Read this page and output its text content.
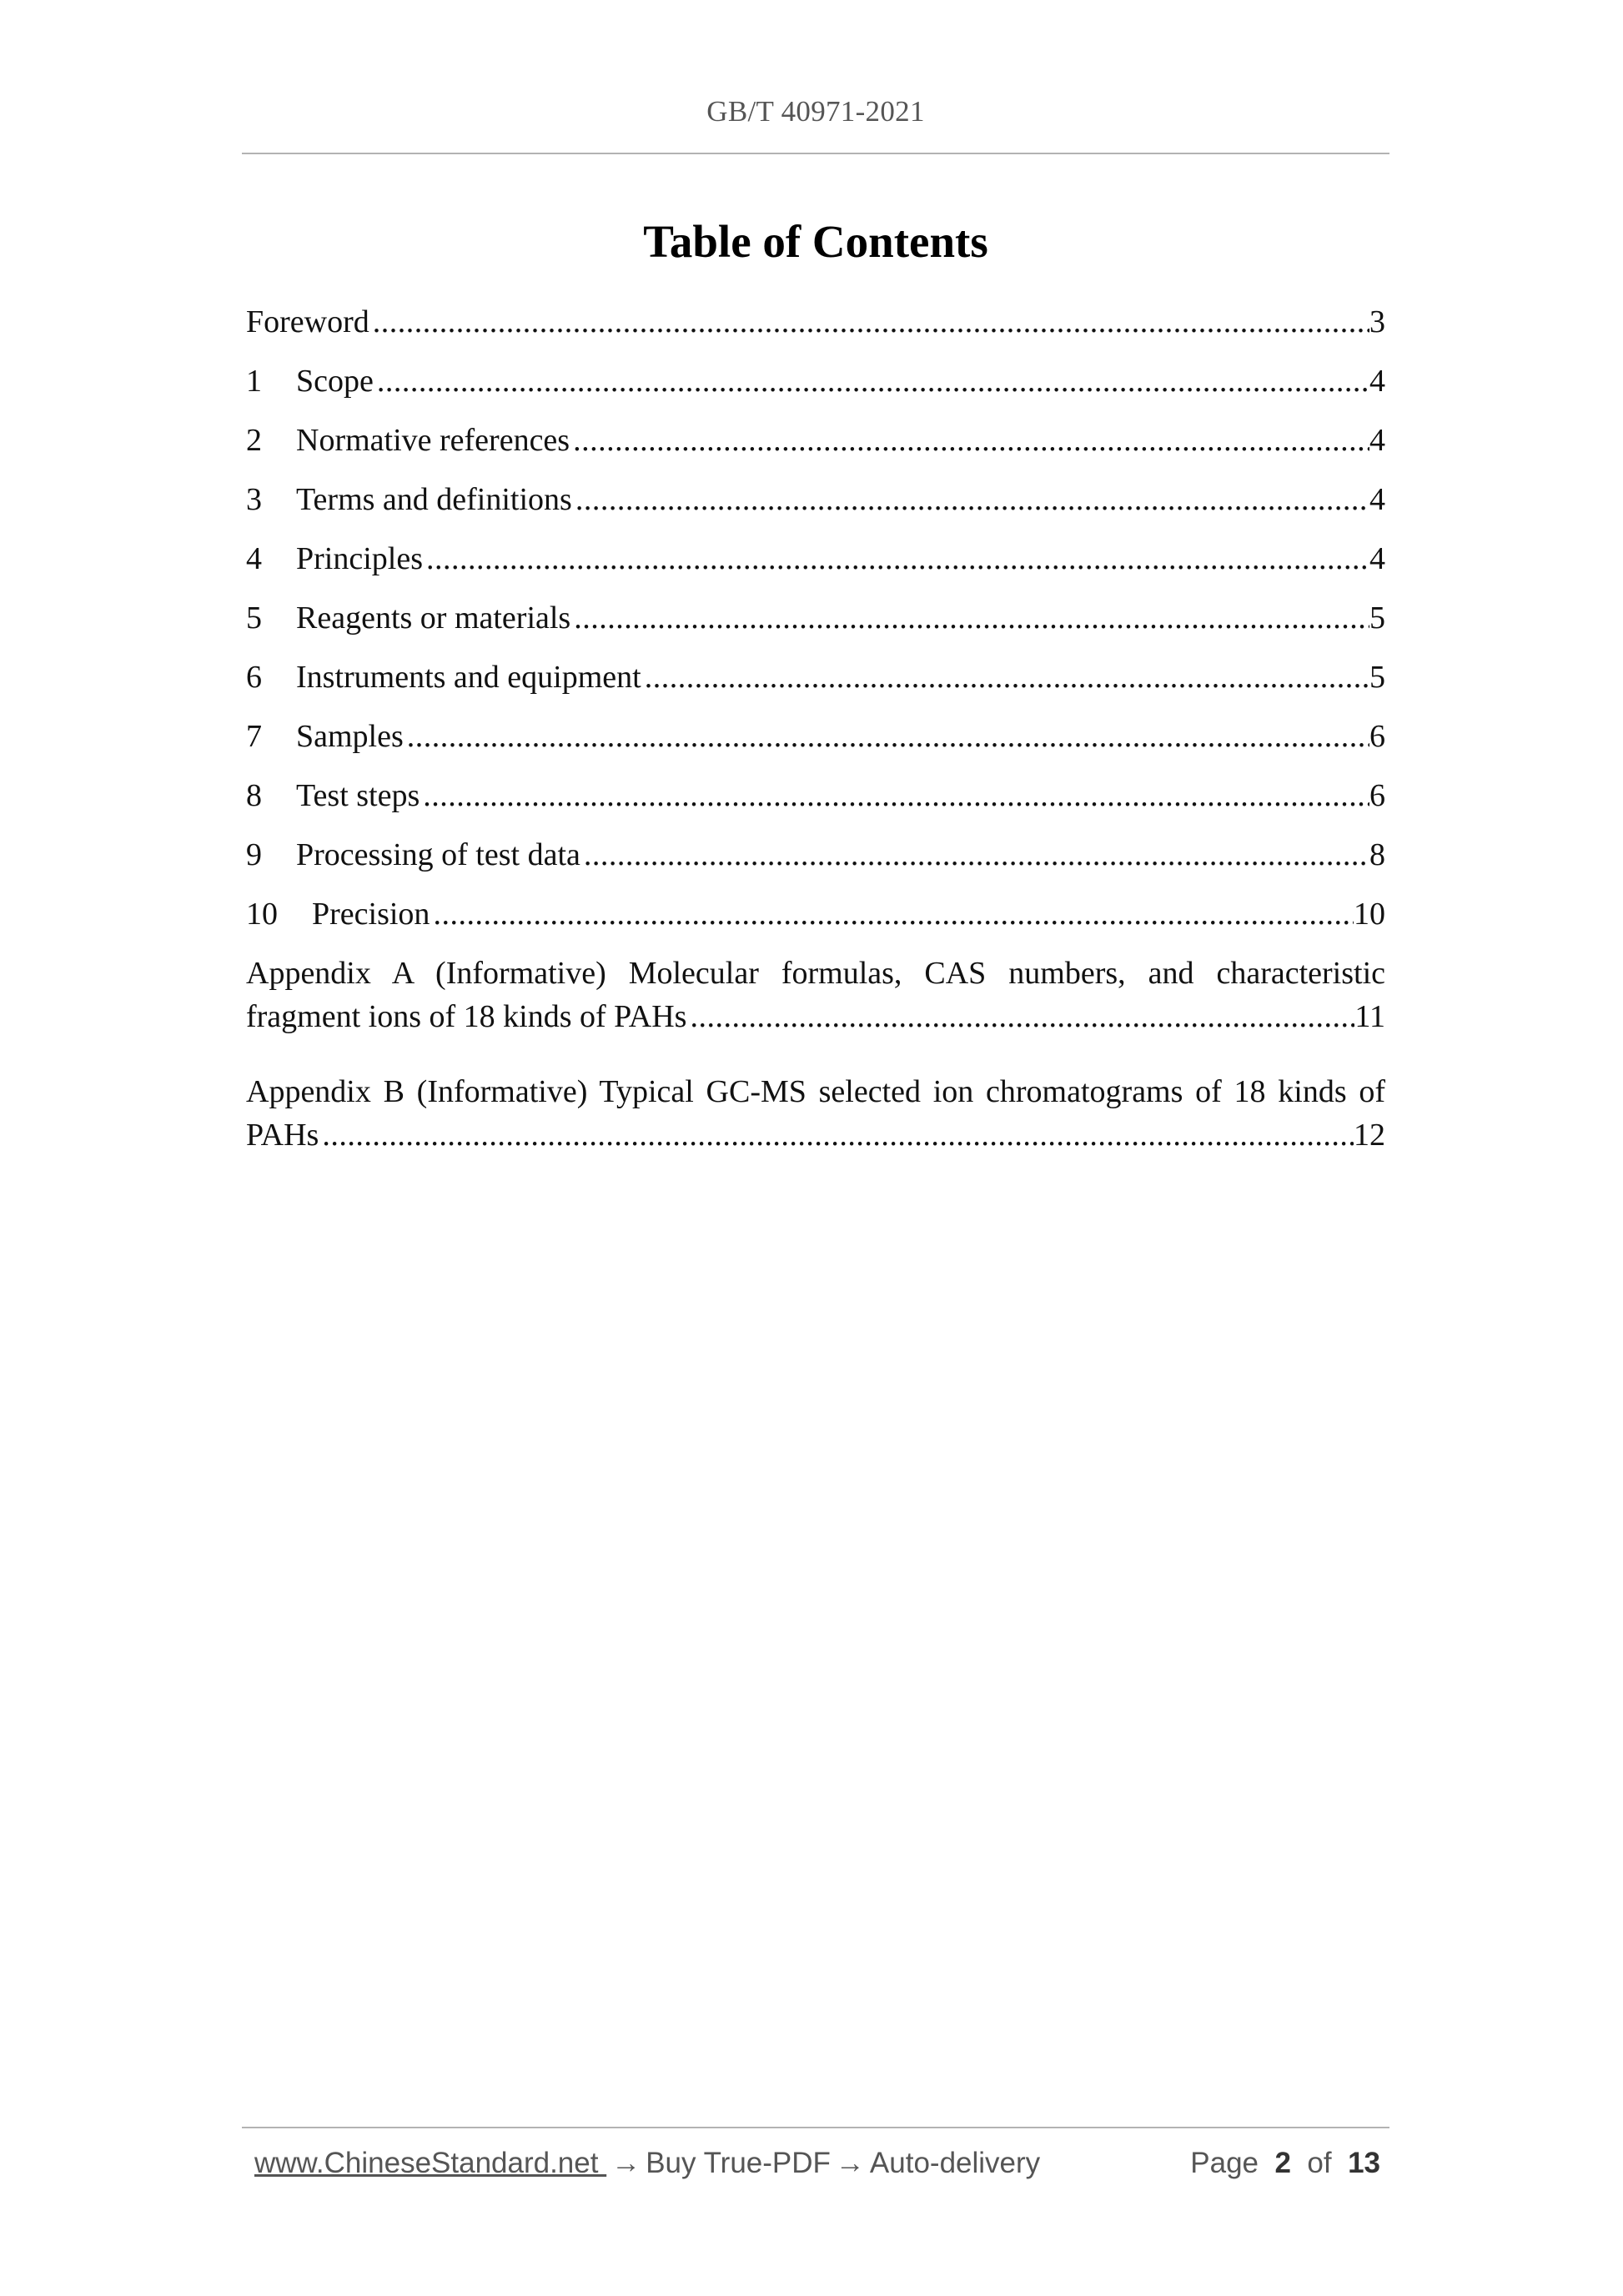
GB/T 40971-2021
Table of Contents
Foreword . . .	3
1	Scope . . .	4
2	Normative references . . .	4
3	Terms and definitions . . .	4
4	Principles . . .	4
5	Reagents or materials . . .	5
6	Instruments and equipment . . .	5
7	Samples . . .	6
8	Test steps . . .	6
9	Processing of test data . . .	8
10	Precision . . .	10
Appendix A (Informative) Molecular formulas, CAS numbers, and characteristic
fragment ions of 18 kinds of PAHs . . .	11
Appendix B (Informative) Typical GC-MS selected ion chromatograms of 18 kinds of
PAHs . . .	12
www.ChineseStandard.net → Buy True-PDF → Auto-delivery	Page 2 of 13
